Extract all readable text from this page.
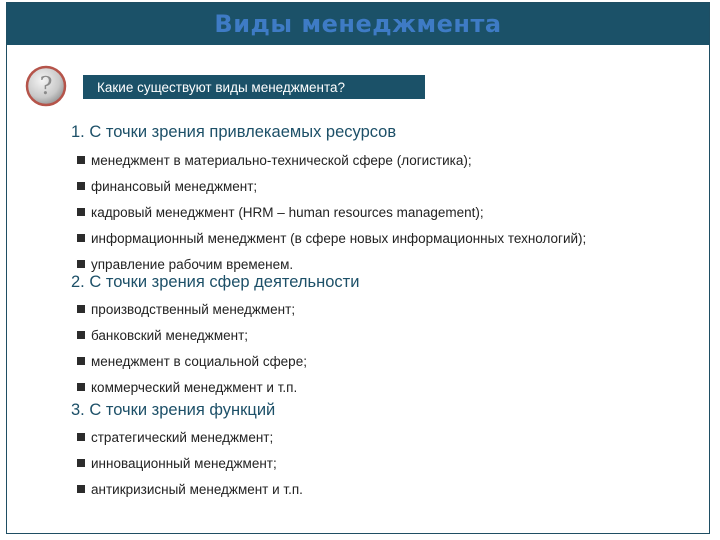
Виды менеджмента
?	Какие существуют виды менеджмента?
1. С точки зрения привлекаемых ресурсов
менеджмент в материально-технической сфере (логистика);
финансовый менеджмент;
кадровый менеджмент (HRM – human resources management);
информационный менеджмент (в сфере новых информационных технологий);
управление рабочим временем.
2. С точки зрения сфер деятельности
производственный менеджмент;
банковский менеджмент;
менеджмент в социальной сфере;
коммерческий менеджмент и т.п.
3. С точки зрения функций
стратегический менеджмент;
инновационный менеджмент;
антикризисный менеджмент и т.п.
